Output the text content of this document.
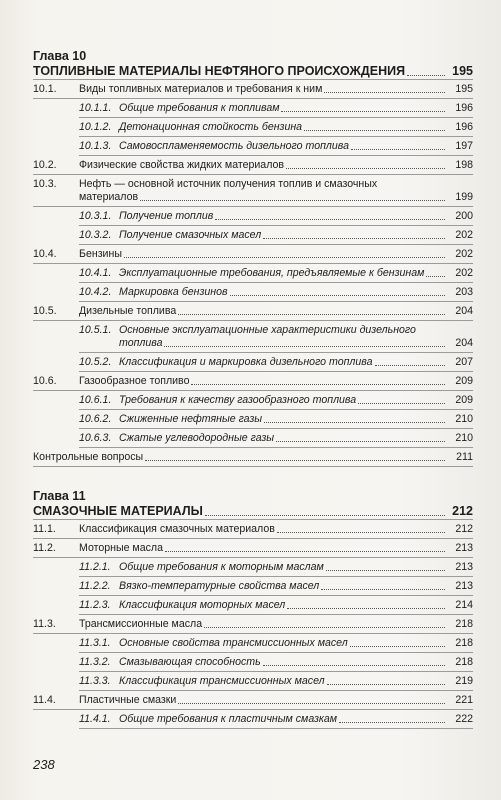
Глава 10
ТОПЛИВНЫЕ МАТЕРИАЛЫ НЕФТЯНОГО ПРОИСХОЖДЕНИЯ	195
10.1. Виды топливных материалов и требования к ним	195
10.1.1. Общие требования к топливам	196
10.1.2. Детонационная стойкость бензина	196
10.1.3. Самовоспламеняемость дизельного топлива	197
10.2. Физические свойства жидких материалов	198
10.3. Нефть — основной источник получения топлив и смазочных
материалов	199
10.3.1. Получение топлив	200
10.3.2. Получение смазочных масел	202
10.4. Бензины	202
10.4.1. Эксплуатационные требования, предъявляемые к бензинам	202
10.4.2. Маркировка бензинов	203
10.5. Дизельные топлива	204
10.5.1. Основные эксплуатационные характеристики дизельного
топлива	204
10.5.2. Классификация и маркировка дизельного топлива	207
10.6. Газообразное топливо	209
10.6.1. Требования к качеству газообразного топлива	209
10.6.2. Сжиженные нефтяные газы	210
10.6.3. Сжатые углеводородные газы	210
Контрольные вопросы	211
Глава 11
СМАЗОЧНЫЕ МАТЕРИАЛЫ	212
11.1. Классификация смазочных материалов	212
11.2. Моторные масла	213
11.2.1. Общие требования к моторным маслам	213
11.2.2. Вязко-температурные свойства масел	213
11.2.3. Классификация моторных масел	214
11.3. Трансмиссионные масла	218
11.3.1. Основные свойства трансмиссионных масел	218
11.3.2. Смазывающая способность	218
11.3.3. Классификация трансмиссионных масел	219
11.4. Пластичные смазки	221
11.4.1. Общие требования к пластичным смазкам	222
238
